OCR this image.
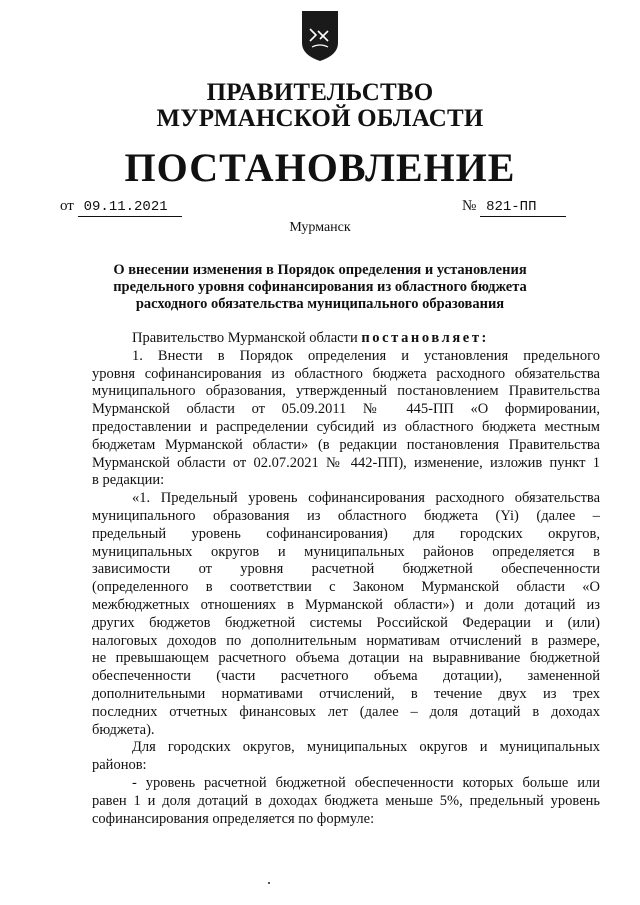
ПРАВИТЕЛЬСТВО
МУРМАНСКОЙ ОБЛАСТИ
ПОСТАНОВЛЕНИЕ
от 09.11.2021	№ 821-ПП
Мурманск
О внесении изменения в Порядок определения и установления
предельного уровня софинансирования из областного бюджета
расходного обязательства муниципального образования
Правительство Мурманской области постановляет:
1. Внести в Порядок определения и установления предельного
уровня софинансирования из областного бюджета расходного обязательства
муниципального образования, утвержденный постановлением Правительства
Мурманской области от 05.09.2011 № 445-ПП «О формировании,
предоставлении и распределении субсидий из областного бюджета местным
бюджетам Мурманской области» (в редакции постановления Правительства
Мурманской области от 02.07.2021 № 442-ПП), изменение, изложив пункт 1
в редакции:
«1. Предельный уровень софинансирования расходного обязательства
муниципального образования из областного бюджета (Yi) (далее –
предельный уровень софинансирования) для городских округов,
муниципальных округов и муниципальных районов определяется в
зависимости от уровня расчетной бюджетной обеспеченности
(определенного в соответствии с Законом Мурманской области «О
межбюджетных отношениях в Мурманской области») и доли дотаций из
других бюджетов бюджетной системы Российской Федерации и (или)
налоговых доходов по дополнительным нормативам отчислений в размере,
не превышающем расчетного объема дотации на выравнивание бюджетной
обеспеченности (части расчетного объема дотации), замененной
дополнительными нормативами отчислений, в течение двух из трех
последних отчетных финансовых лет (далее – доля дотаций в доходах
бюджета).
Для городских округов, муниципальных округов и муниципальных
районов:
- уровень расчетной бюджетной обеспеченности которых больше или
равен 1 и доля дотаций в доходах бюджета меньше 5%, предельный уровень
софинансирования определяется по формуле:
